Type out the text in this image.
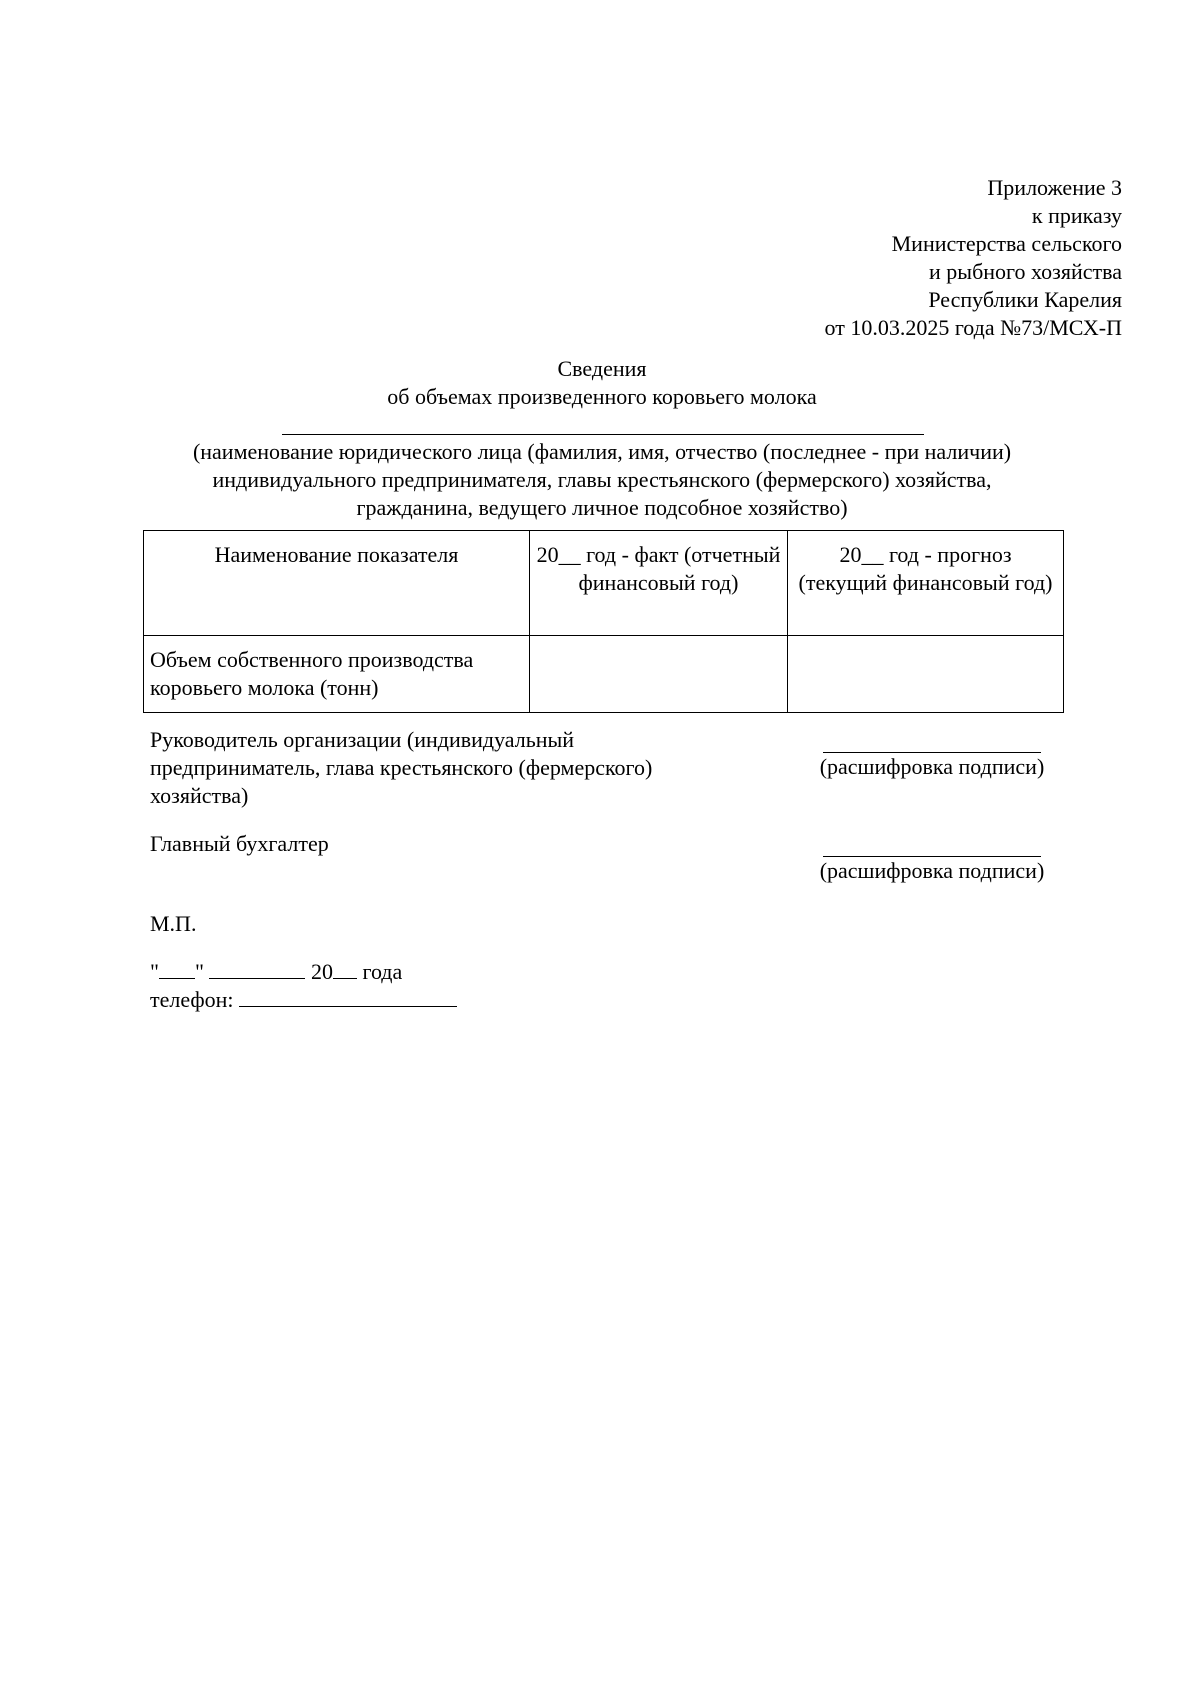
Приложение 3
к приказу
Министерства сельского
и рыбного хозяйства
Республики Карелия
от 10.03.2025 года №73/МСХ-П
Сведения
об объемах произведенного коровьего молока
(наименование юридического лица (фамилия, имя, отчество (последнее - при наличии)
индивидуального предпринимателя, главы крестьянского (фермерского) хозяйства,
гражданина, ведущего личное подсобное хозяйство)
Наименование показателя	20__ год - факт (отчетный финансовый год)	20__ год - прогноз (текущий финансовый год)
Объем собственного производства коровьего молока (тонн)		
Руководитель организации (индивидуальный
предприниматель, глава крестьянского (фермерского)
хозяйства)
(расшифровка подписи)
Главный бухгалтер
(расшифровка подписи)
М.П.
" "	20 года
телефон:
